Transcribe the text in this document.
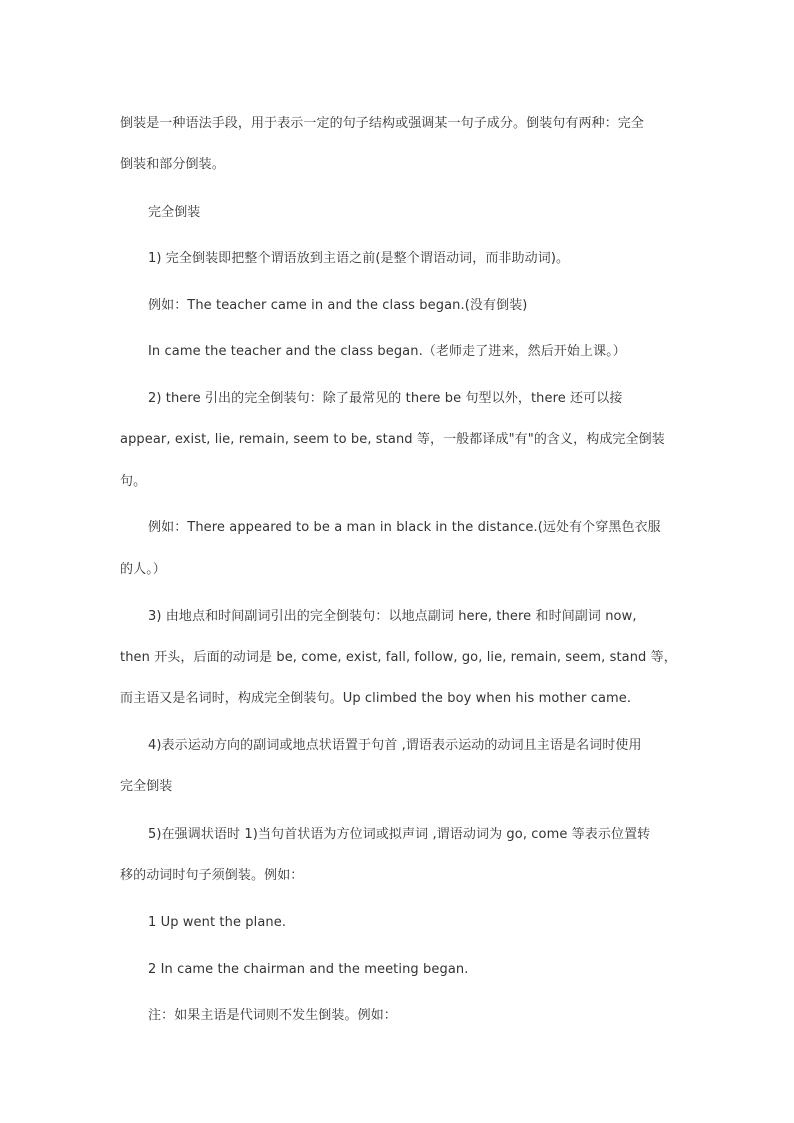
倒装是一种语法手段，用于表示一定的句子结构或强调某一句子成分。倒装句有两种：完全
倒装和部分倒装。
完全倒装
1) 完全倒装即把整个谓语放到主语之前(是整个谓语动词，而非助动词)。
例如：The teacher came in and the class began.(没有倒装)
In came the teacher and the class began.（老师走了进来，然后开始上课。）
2) there 引出的完全倒装句：除了最常见的 there be 句型以外，there 还可以接
appear, exist, lie, remain, seem to be, stand 等，一般都译成"有"的含义，构成完全倒装
句。
例如：There appeared to be a man in black in the distance.(远处有个穿黑色衣服
的人。）
3) 由地点和时间副词引出的完全倒装句：以地点副词 here, there 和时间副词 now,
then 开头，后面的动词是 be, come, exist, fall, follow, go, lie, remain, seem, stand 等，
而主语又是名词时，构成完全倒装句。Up climbed the boy when his mother came.
4)表示运动方向的副词或地点状语置于句首 ,谓语表示运动的动词且主语是名词时使用
完全倒装
5)在强调状语时 1)当句首状语为方位词或拟声词 ,谓语动词为 go, come 等表示位置转
移的动词时句子须倒装。例如：
1 Up went the plane.
2 In came the chairman and the meeting began.
注：如果主语是代词则不发生倒装。例如：
